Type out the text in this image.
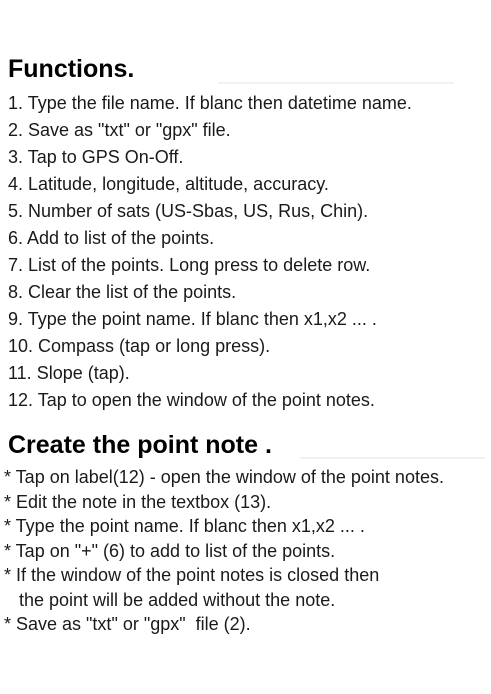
Functions.
1. Type the file name. If blanc then datetime name.
2. Save as "txt" or "gpx" file.
3. Tap to GPS On-Off.
4. Latitude, longitude, altitude, accuracy.
5. Number of sats (US-Sbas, US, Rus, Chin).
6. Add to list of the points.
7. List of the points. Long press to delete row.
8. Clear the list of the points.
9. Type the point name. If blanc then x1,x2 ... .
10. Compass (tap or long press).
11. Slope (tap).
12. Tap to open the window of the point notes.
Create the point note .
* Tap on label(12) - open the window of the point notes.
* Edit the note in the textbox (13).
* Type the point name. If blanc then x1,x2 ... .
* Tap on "+" (6) to add to list of the points.
* If the window of the point notes is closed then
the point will be added without the note.
* Save as "txt" or "gpx"  file (2).
